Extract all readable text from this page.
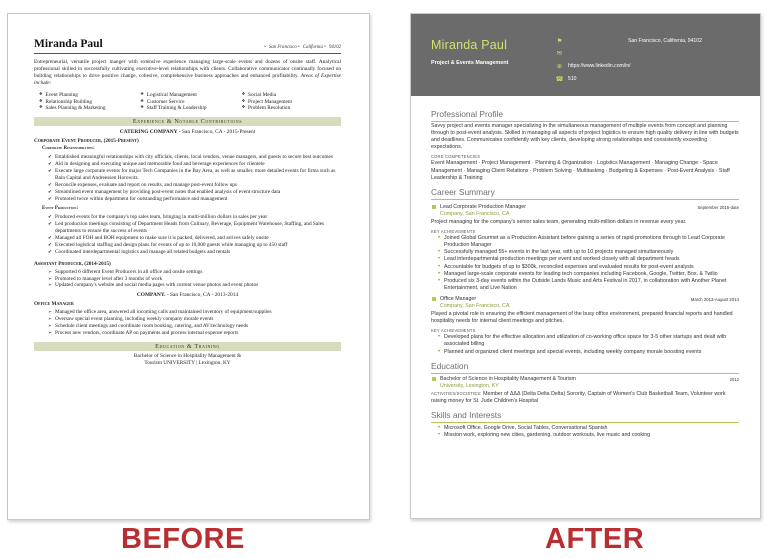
Miranda Paul	• San Francisco • California • 94102
Entrepreneurial, versatile project manger with extensive experience managing large-scale events and dozens of onsite staff. Analytical professional skilled in successfully cultivating executive-level relationships with clients. Collaborative communicator continually focused on building relationships to drive positive change, cohesive, comprehensive business approaches and enhanced profitability. Areas of Expertise include:
❖ Event Planning
❖ Relationship Building
❖ Sales Planning & Marketing
❖ Logistical Management
❖ Customer Service
❖ Staff Training & Leadership
❖ Social Media
❖ Project Management
❖ Problem Resolution
Experience & Notable Contributions
CATERING COMPANY - San Francisco, CA - 2015-Present
Corporate Event Producer, (2015-Present)
Corporate Responsibilities:
✔ Established meaningful relationships with city officials, clients, local vendors, venue managers, and guests to secure best outcomes
✔ Aid in designing and executing unique and memorable food and beverage experiences for clientele
✔ Execute large corporate events for major Tech Companies in the Bay Area, as well as smaller, more detailed events for firms such as Bain Capital and Andreessen Horowitz.
✔ Reconcile expenses, evaluate and report on results, and manage post-event follow ups
✔ Streamlined event management by providing post-event notes that enabled analysis of event structure data
✔ Promoted twice within department for outstanding performance and management
Event Production:
✔ Produced events for the company's top sales team, bringing in multi-million dollars in sales per year
✔ Led production meetings consisting of Department Heads from Culinary, Beverage, Equipment Warehouse, Staffing, and Sales departments to ensure the success of events
✔ Managed all FOH and BOH equipment to make sure it is packed, delivered, and arrives safely onsite
✔ Executed logistical staffing and design plans for events of up to 10,000 guests while managing up to 450 staff
✔ Coordinated interdepartmental logistics and manage all related budgets and rentals
Assistant Producer, (2014-2015)
➢ Supported 6 different Event Producers in all office and onsite settings
➢ Promoted to manager level after 3 months of work
➢ Updated company's website and social media pages with current venue photos and event photos
COMPANY. - San Francisco, CA - 2013-2014
Office Manager
➢ Managed the office area, answered all incoming calls and maintained inventory of equipment/supplies
➢ Oversaw special event planning, including weekly company morale events
➢ Schedule client meetings and coordinate room booking, catering, and AV/technology needs
➢ Process new vendors, coordinate AP on payments and process internal expense reports
Education & Training
Bachelor of Science in Hospitality Management &
Tourism UNIVERSITY | Lexington, KY
Miranda Paul
Project & Events Management
⚑	San Francisco, California, 94102
✉
⊕	https://www.linkedin.com/in/
☎ 510
Professional Profile
Savvy project and events manager specializing in the simultaneous management of multiple events from concept and planning through to post-event analysis. Skilled in managing all aspects of project logistics to ensure high quality delivery in line with budgets and deadlines. Communicates confidently with key clients, developing strong relationships and consistently exceeding expectations.
CORE COMPETENCIES
Event Management · Project Management · Planning & Organization · Logistics Management · Managing Change · Space Management · Managing Client Relations · Problem Solving · Multitasking · Budgeting & Expenses · Post-Event Analysis · Staff Leadership & Training
Career Summary
Lead Corporate Production Manager
Company, San Francisco, CA
September 2015-date
Project managing for the company's senior sales team, generating multi-million dollars in revenue every year.
KEY ACHIEVEMENTS
• Joined Global Gourmet as a Production Assistant before gaining a series of rapid promotions through to Lead Corporate Production Manager
• Successfully managed 55+ events in the last year, with up to 10 projects managed simultaneously
• Lead interdepartmental production meetings per event and worked closely with all department heads
• Accountable for budgets of up to $300k, reconciled expenses and evaluated results for post-event analysis
• Managed large-scale corporate events for leading tech companies including Facebook, Google, Twitter, Box, & Twilio
• Produced six 3-day events within the Outside Lands Music and Arts Festival in 2017, in collaboration with Another Planet Entertainment, and Live Nation
Office Manager
Company, San Francisco, CA
March 2013-August 2014
Played a pivotal role in ensuring the efficient management of the busy office environment, prepared financial reports and handled hospitality needs for internal client meetings and pitches.
KEY ACHIEVEMENTS
• Developed plans for the effective allocation and utilization of co-working office space for 3-5 other startups and dealt with associated billing
• Planned and organized client meetings and special events, including weekly company morale boosting events
Education
Bachelor of Science in Hospitality Management & Tourism
University, Lexington, KY
2012
ACTIVITIES/SOCIETIES: Member of ΔΔΔ (Delta Delta Delta) Sorority, Captain of Women's Club Basketball Team, Volunteer work raising money for St. Jude Children's Hospital
Skills and Interests
• Microsoft Office, Google Drive, Social Tables, Conversational Spanish
• Mission work, exploring new cities, gardening, outdoor workouts, live music and cooking
BEFORE	AFTER
